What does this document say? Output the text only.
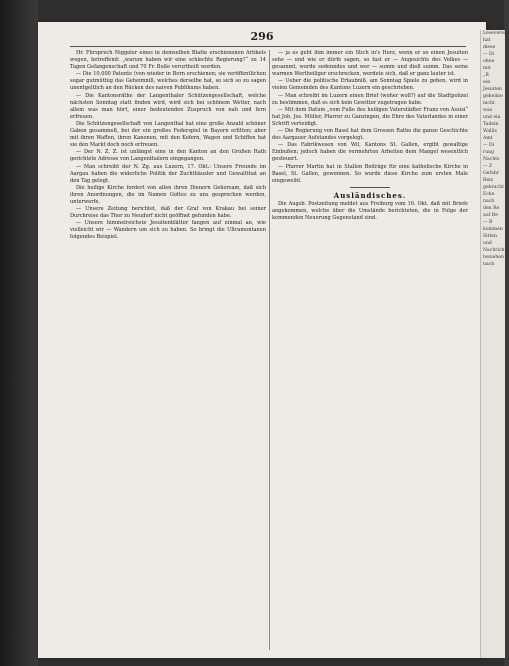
296

Hr. Fürsprech Niggeler eines in demselben Blatte erschienenen Artikels wegen, betreffend: „warum haben wir eine schlechte Regierung?“ zu 14 Tagen Gefangenschaft und 70 Fr. Buße verurtheilt worden.

— Die 10,000 Patente (von wieder in Bern erschienen; sie veröffentlichen sogar gutmüthig das Geheimniß, welches derselbe hat, so sich so zu sagen unentgeltlich an den Rücken des naiven Publikums haben.

— Die Kantonsräthe der Langenthaler Schützengesellschaft, welche nächsten Sonntag statt finden wird, wird sich bei schönem Wetter, nach allem was man hört, einer bedeutenden Zuspruch von nah und fern erfreuen.

Die Schützengesellschaft von Langenthal hat eine große Anzahl schöner Gaben gesammelt, bei der ein großes Federspiel in Bayern erlitten; aber mit ihren Waffen, ihren Kanonen, mit den Kofern, Wagen und Schiffen hat sie den Markt doch noch erfreuen.

— Der N. Z. Z. ist unlängst eine in den Kanton an den Großen Rath gerichtete Adresse von Langenthalern eingegangen.

— Man schreibt der N. Zg. aus Luzern, 17. Okt.: Unsere Freunde im Aargau haben die widerliche Politik der Zuchthäusler und Gewaltthat an den Tag gelegt.

Die heilige Kirche fordert von allen ihren Dienern Gehorsam, daß sich ihren Anordnungen, die im Namen Gottes zu uns gesprochen werden, unterwerfe.

— Unsere Zeitung berichtet, daß der Graf von Krakau bei seiner Durchreise das Thor zu Neudorf nicht geöffnet gefunden habe.

— Unsere himmelreichste Jesuitenblätter fangen auf einmal an, wie vielleicht wir — Wandern um sich zu haben. So bringt die Ultramontanen folgendes Beispiel.

— ja es geht ihm immer ein Stich in's Herz, wenn er so einen Jesuiten sehe — und wie er dürfe sagen, so fast er — Angesichts des Volkes — gesammt, wurde sodenndes und wer — summ und dieß summ. Das seine warmen Wertheiliger erschrecken, werdete sich, daß er ganz lauter ist.

— Ueber die politische Erlaubniß, am Sonntag Spiele zu geben, wird in vielen Gemeinden des Kantons Luzern ein geschrieben.

— Man schreibt im Luzern einen Brief (woher woll?) auf die Stadtpolizei zu bestimmen, daß es sich kein Gewitter zugetragen habe.

— Mit dem Datum „vom Fuße des heiligen Vaterstädter Franz von Assisi“ hat Joh. Jos. Müller, Pfarrer zu Ganzingen, die Ehre des Vaterlandes in einer Schrift verteidigt.

— Die Regierung von Basel hat dem Grossen Rathe die ganze Geschichte des Aargauer Aufstandes vorgelegt.

— Das Fabrikwesen von Wil, Kantons St. Gallen, ergibt gewaltige Einbußen; jedoch haben die vermehrten Arbeiten dem Mangel wesentlich gesteuert.

— Pfarrer Martin hat in Stallen Beiträge für eine katholische Kirche in Basel, St. Gallen, gewonnen. So wurde diese Kirche zum ersten Male eingeweiht.

Ausländisches.

Die Augsb. Postzeitung meldet aus Freiburg vom 16. Okt. daß mit Briefe angekommen, welche über die Umstände berichteten, die in Folge der kommenden Neuerung Gegenstand sind.

Leseverein
hat
diese
— Di
ohne
mit
„R
ein
Jesuiten
geheime
nicht
was
und ein
Tadeln
Wallis
Amt
— Di
rung
Nachts
— Z
Gefahr
Reiz
gebracht
Ecke
nach
den Re
auf Be
— B
kommen
Sitten
und
Nachrich
beziehen
nach
